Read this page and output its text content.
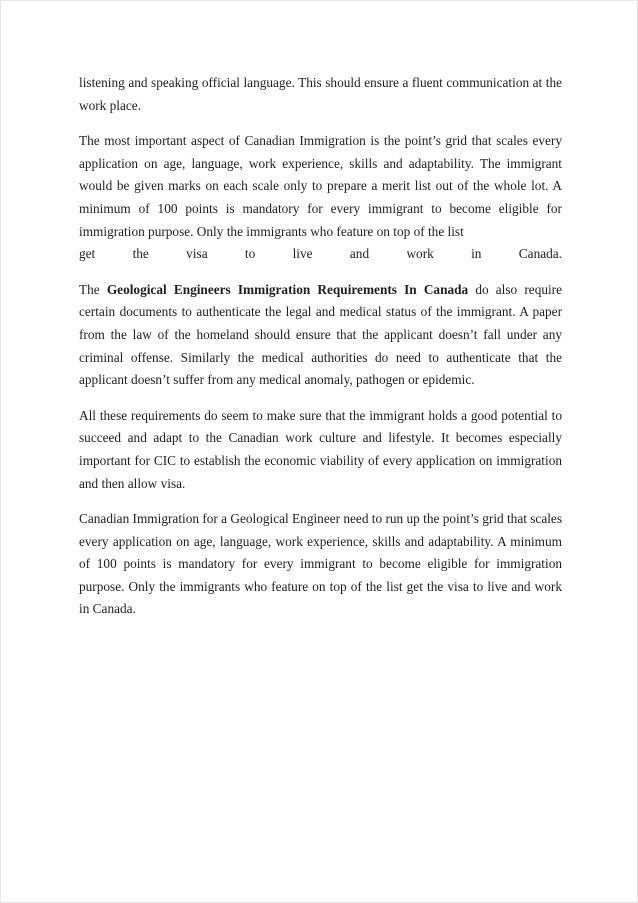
listening and speaking official language. This should ensure a fluent communication at the work place.

The most important aspect of Canadian Immigration is the point’s grid that scales every application on age, language, work experience, skills and adaptability. The immigrant would be given marks on each scale only to prepare a merit list out of the whole lot. A minimum of 100 points is mandatory for every immigrant to become eligible for immigration purpose. Only the immigrants who feature on top of the list
get the visa to live and work in Canada.

The Geological Engineers Immigration Requirements In Canada do also require certain documents to authenticate the legal and medical status of the immigrant. A paper from the law of the homeland should ensure that the applicant doesn’t fall under any criminal offense. Similarly the medical authorities do need to authenticate that the applicant doesn’t suffer from any medical anomaly, pathogen or epidemic.

All these requirements do seem to make sure that the immigrant holds a good potential to succeed and adapt to the Canadian work culture and lifestyle. It becomes especially important for CIC to establish the economic viability of every application on immigration and then allow visa.

Canadian Immigration for a Geological Engineer need to run up the point’s grid that scales every application on age, language, work experience, skills and adaptability. A minimum of 100 points is mandatory for every immigrant to become eligible for immigration purpose. Only the immigrants who feature on top of the list get the visa to live and work in Canada.
